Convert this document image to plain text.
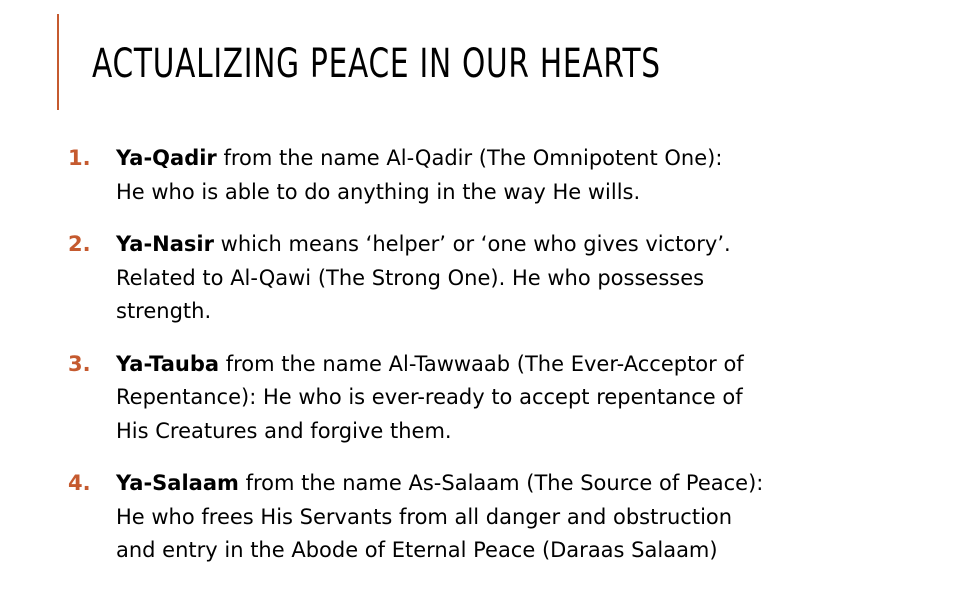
ACTUALIZING PEACE IN OUR HEARTS
1. Ya-Qadir from the name Al-Qadir (The Omnipotent One):
He who is able to do anything in the way He wills.
2. Ya-Nasir which means ‘helper’ or ‘one who gives victory’.
Related to Al-Qawi (The Strong One). He who possesses
strength.
3. Ya-Tauba from the name Al-Tawwaab (The Ever-Acceptor of
Repentance): He who is ever-ready to accept repentance of
His Creatures and forgive them.
4. Ya-Salaam from the name As-Salaam (The Source of Peace):
He who frees His Servants from all danger and obstruction
and entry in the Abode of Eternal Peace (Daraas Salaam)
